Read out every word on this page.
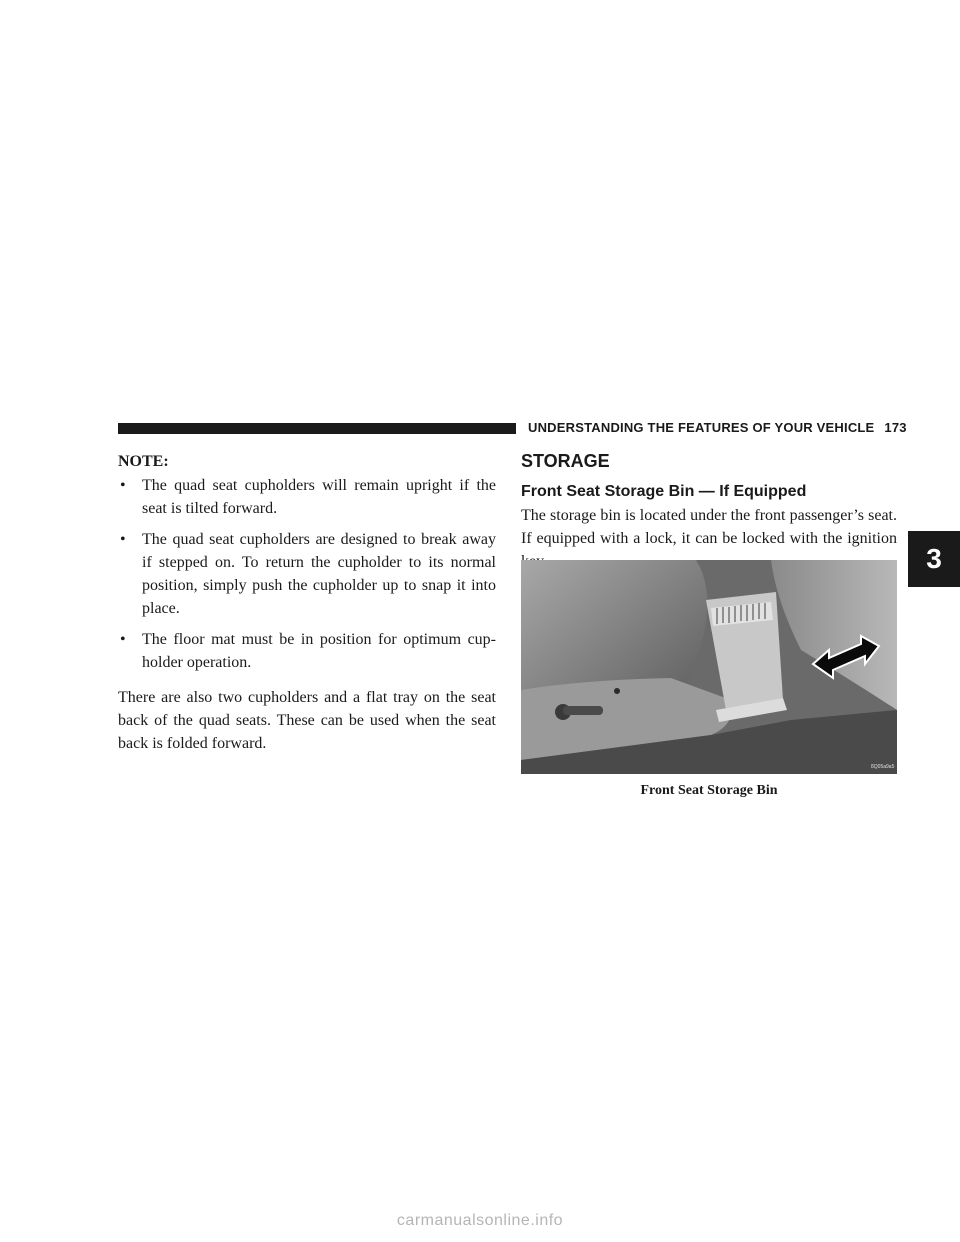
UNDERSTANDING THE FEATURES OF YOUR VEHICLE 173
NOTE:
• The quad seat cupholders will remain upright if the seat is tilted forward.
• The quad seat cupholders are designed to break away if stepped on. To return the cupholder to its normal position, simply push the cupholder up to snap it into place.
• The floor mat must be in position for optimum cup-holder operation.

There are also two cupholders and a flat tray on the seat back of the quad seats. These can be used when the seat back is folded forward.

STORAGE
Front Seat Storage Bin — If Equipped

The storage bin is located under the front passenger’s seat. If equipped with a lock, it can be locked with the ignition

8Q05a9a5
Front Seat Storage Bin
3
carmanualsonline.info
